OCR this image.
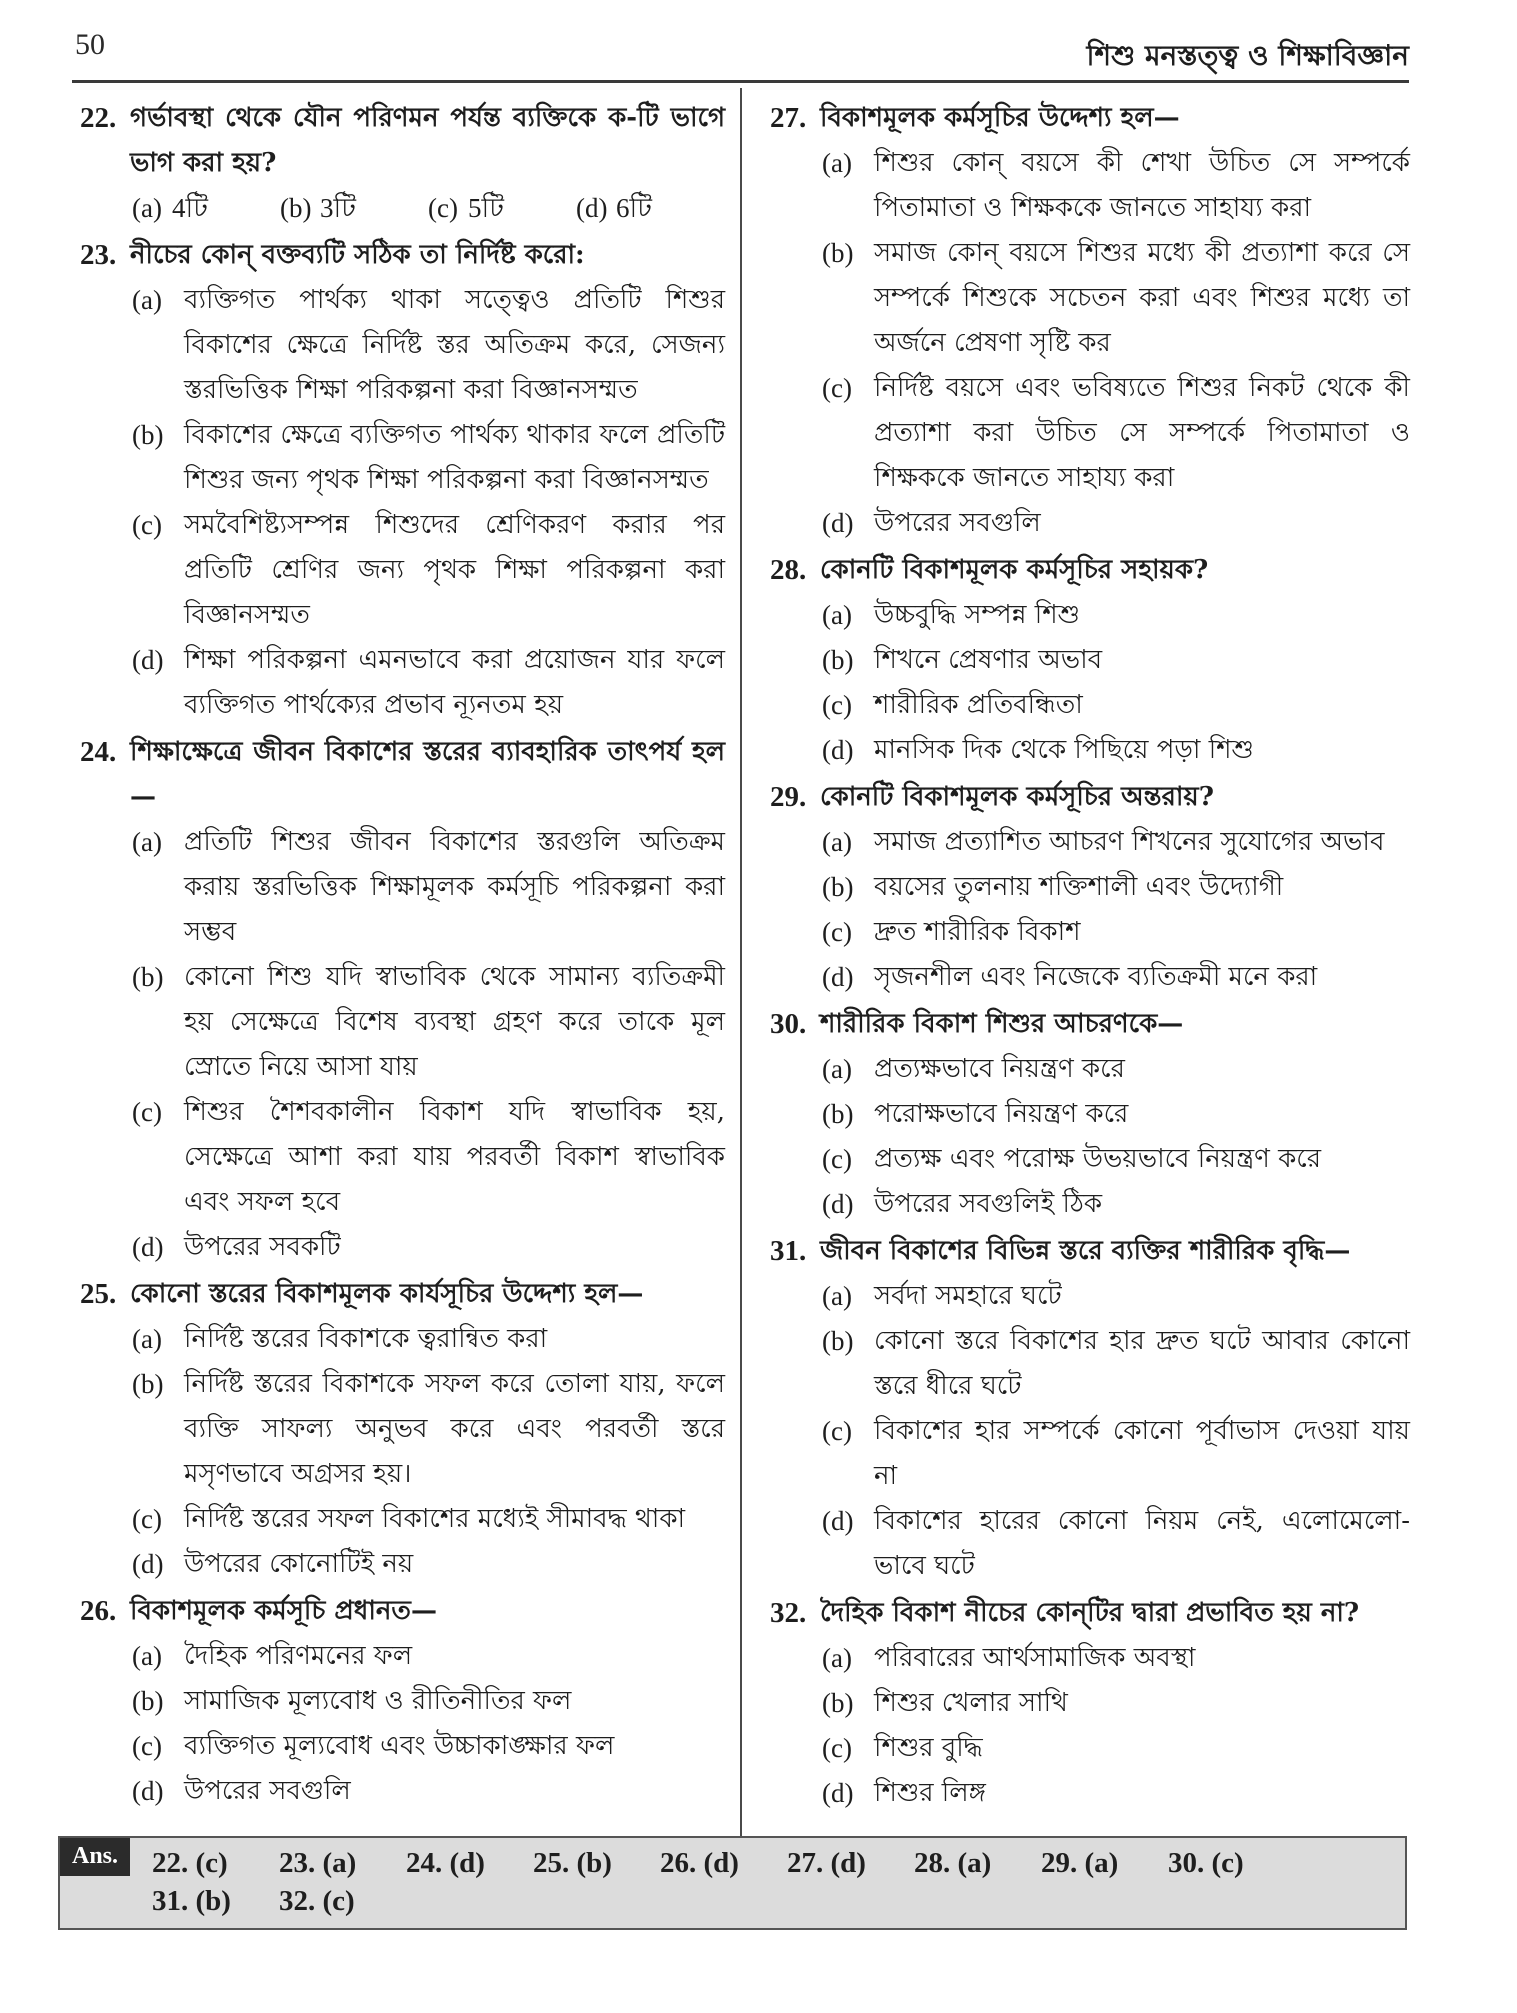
50	শিশু মনস্তত্ত্ব ও শিক্ষাবিজ্ঞান
22. গর্ভাবস্থা থেকে যৌন পরিণমন পর্যন্ত ব্যক্তিকে ক-টি ভাগে ভাগ করা হয়?
(a) 4টি	(b) 3টি	(c) 5টি	(d) 6টি
23. নীচের কোন্ বক্তব্যটি সঠিক তা নির্দিষ্ট করো:
(a) ব্যক্তিগত পার্থক্য থাকা সত্ত্বেও প্রতিটি শিশুর বিকাশের ক্ষেত্রে নির্দিষ্ট স্তর অতিক্রম করে, সেজন্য স্তরভিত্তিক শিক্ষা পরিকল্পনা করা বিজ্ঞানসম্মত
(b) বিকাশের ক্ষেত্রে ব্যক্তিগত পার্থক্য থাকার ফলে প্রতিটি শিশুর জন্য পৃথক শিক্ষা পরিকল্পনা করা বিজ্ঞানসম্মত
(c) সমবৈশিষ্ট্যসম্পন্ন শিশুদের শ্রেণিকরণ করার পর প্রতিটি শ্রেণির জন্য পৃথক শিক্ষা পরিকল্পনা করা বিজ্ঞানসম্মত
(d) শিক্ষা পরিকল্পনা এমনভাবে করা প্রয়োজন যার ফলে ব্যক্তিগত পার্থক্যের প্রভাব ন্যূনতম হয়
24. শিক্ষাক্ষেত্রে জীবন বিকাশের স্তরের ব্যাবহারিক তাৎপর্য হল—
(a) প্রতিটি শিশুর জীবন বিকাশের স্তরগুলি অতিক্রম করায় স্তরভিত্তিক শিক্ষামূলক কর্মসূচি পরিকল্পনা করা সম্ভব
(b) কোনো শিশু যদি স্বাভাবিক থেকে সামান্য ব্যতিক্রমী হয় সেক্ষেত্রে বিশেষ ব্যবস্থা গ্রহণ করে তাকে মূল স্রোতে নিয়ে আসা যায়
(c) শিশুর শৈশবকালীন বিকাশ যদি স্বাভাবিক হয়, সেক্ষেত্রে আশা করা যায় পরবর্তী বিকাশ স্বাভাবিক এবং সফল হবে
(d) উপরের সবকটি
25. কোনো স্তরের বিকাশমূলক কার্যসূচির উদ্দেশ্য হল—
(a) নির্দিষ্ট স্তরের বিকাশকে ত্বরান্বিত করা
(b) নির্দিষ্ট স্তরের বিকাশকে সফল করে তোলা যায়, ফলে ব্যক্তি সাফল্য অনুভব করে এবং পরবর্তী স্তরে মসৃণভাবে অগ্রসর হয়।
(c) নির্দিষ্ট স্তরের সফল বিকাশের মধ্যেই সীমাবদ্ধ থাকা
(d) উপরের কোনোটিই নয়
26. বিকাশমূলক কর্মসূচি প্রধানত—
(a) দৈহিক পরিণমনের ফল
(b) সামাজিক মূল্যবোধ ও রীতিনীতির ফল
(c) ব্যক্তিগত মূল্যবোধ এবং উচ্চাকাঙ্ক্ষার ফল
(d) উপরের সবগুলি
27. বিকাশমূলক কর্মসূচির উদ্দেশ্য হল—
(a) শিশুর কোন্ বয়সে কী শেখা উচিত সে সম্পর্কে পিতামাতা ও শিক্ষককে জানতে সাহায্য করা
(b) সমাজ কোন্ বয়সে শিশুর মধ্যে কী প্রত্যাশা করে সে সম্পর্কে শিশুকে সচেতন করা এবং শিশুর মধ্যে তা অর্জনে প্রেষণা সৃষ্টি কর
(c) নির্দিষ্ট বয়সে এবং ভবিষ্যতে শিশুর নিকট থেকে কী প্রত্যাশা করা উচিত সে সম্পর্কে পিতামাতা ও শিক্ষককে জানতে সাহায্য করা
(d) উপরের সবগুলি
28. কোনটি বিকাশমূলক কর্মসূচির সহায়ক?
(a) উচ্চবুদ্ধি সম্পন্ন শিশু
(b) শিখনে প্রেষণার অভাব
(c) শারীরিক প্রতিবন্ধিতা
(d) মানসিক দিক থেকে পিছিয়ে পড়া শিশু
29. কোনটি বিকাশমূলক কর্মসূচির অন্তরায়?
(a) সমাজ প্রত্যাশিত আচরণ শিখনের সুযোগের অভাব
(b) বয়সের তুলনায় শক্তিশালী এবং উদ্যোগী
(c) দ্রুত শারীরিক বিকাশ
(d) সৃজনশীল এবং নিজেকে ব্যতিক্রমী মনে করা
30. শারীরিক বিকাশ শিশুর আচরণকে—
(a) প্রত্যক্ষভাবে নিয়ন্ত্রণ করে
(b) পরোক্ষভাবে নিয়ন্ত্রণ করে
(c) প্রত্যক্ষ এবং পরোক্ষ উভয়ভাবে নিয়ন্ত্রণ করে
(d) উপরের সবগুলিই ঠিক
31. জীবন বিকাশের বিভিন্ন স্তরে ব্যক্তির শারীরিক বৃদ্ধি—
(a) সর্বদা সমহারে ঘটে
(b) কোনো স্তরে বিকাশের হার দ্রুত ঘটে আবার কোনো স্তরে ধীরে ঘটে
(c) বিকাশের হার সম্পর্কে কোনো পূর্বাভাস দেওয়া যায় না
(d) বিকাশের হারের কোনো নিয়ম নেই, এলোমেলো-ভাবে ঘটে
32. দৈহিক বিকাশ নীচের কোন্‌টির দ্বারা প্রভাবিত হয় না?
(a) পরিবারের আর্থসামাজিক অবস্থা
(b) শিশুর খেলার সাথি
(c) শিশুর বুদ্ধি
(d) শিশুর লিঙ্গ
Ans.	22. (c)	23. (a)	24. (d)	25. (b)	26. (d)	27. (d)	28. (a)	29. (a)	30. (c)
31. (b)	32. (c)
